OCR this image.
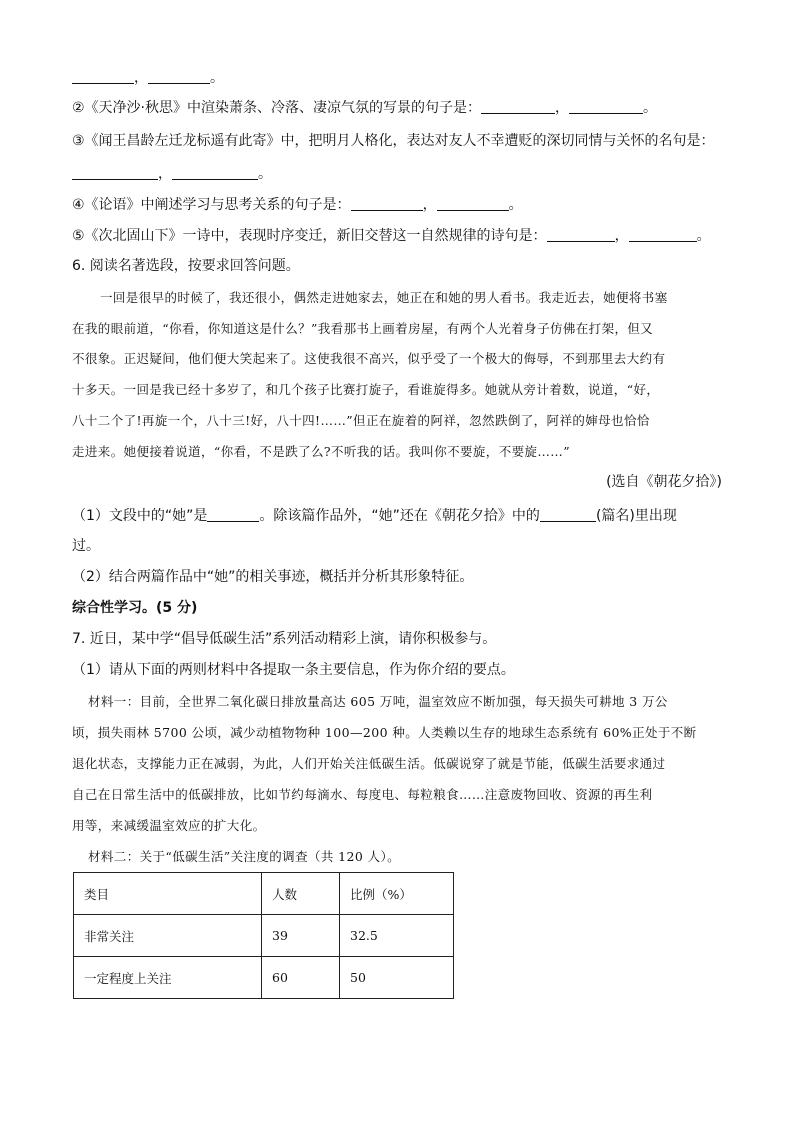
，	。
②《天净沙·秋思》中渲染萧条、冷落、凄凉气氛的写景的句子是：	，	。
③《闻王昌龄左迁龙标遥有此寄》中，把明月人格化，表达对友人不幸遭贬的深切同情与关怀的名句是：
，	。
④《论语》中阐述学习与思考关系的句子是：	，	。
⑤《次北固山下》一诗中，表现时序变迁，新旧交替这一自然规律的诗句是：	，	。
6. 阅读名著选段，按要求回答问题。
一回是很早的时候了，我还很小，偶然走进她家去，她正在和她的男人看书。我走近去，她便将书塞
在我的眼前道，“你看，你知道这是什么？”我看那书上画着房屋，有两个人光着身子仿佛在打架，但又
不很象。正迟疑间，他们便大笑起来了。这使我很不高兴，似乎受了一个极大的侮辱，不到那里去大约有
十多天。一回是我已经十多岁了，和几个孩子比赛打旋子，看谁旋得多。她就从旁计着数，说道，“好，
八十二个了!再旋一个，八十三!好，八十四!……”但正在旋着的阿祥，忽然跌倒了，阿祥的婶母也恰恰
走进来。她便接着说道，“你看，不是跌了么?不听我的话。我叫你不要旋，不要旋……”
(选自《朝花夕拾》)
（1）文段中的“她”是	。除该篇作品外，“她”还在《朝花夕拾》中的	(篇名)里出现
过。
（2）结合两篇作品中“她”的相关事迹，概括并分析其形象特征。
综合性学习。(5 分)
7. 近日，某中学“倡导低碳生活”系列活动精彩上演，请你积极参与。
（1）请从下面的两则材料中各提取一条主要信息，作为你介绍的要点。
材料一：目前，全世界二氧化碳日排放量高达 605 万吨，温室效应不断加强，每天损失可耕地 3 万公
顷，损失雨林 5700 公顷，减少动植物物种 100—200 种。人类赖以生存的地球生态系统有 60%正处于不断
退化状态，支撑能力正在减弱，为此，人们开始关注低碳生活。低碳说穿了就是节能，低碳生活要求通过
自己在日常生活中的低碳排放，比如节约每滴水、每度电、每粒粮食……注意废物回收、资源的再生利
用等，来减缓温室效应的扩大化。
材料二：关于“低碳生活”关注度的调查（共 120 人）。
类目	人数	比例（%）
非常关注	39	32.5
一定程度上关注	60	50
